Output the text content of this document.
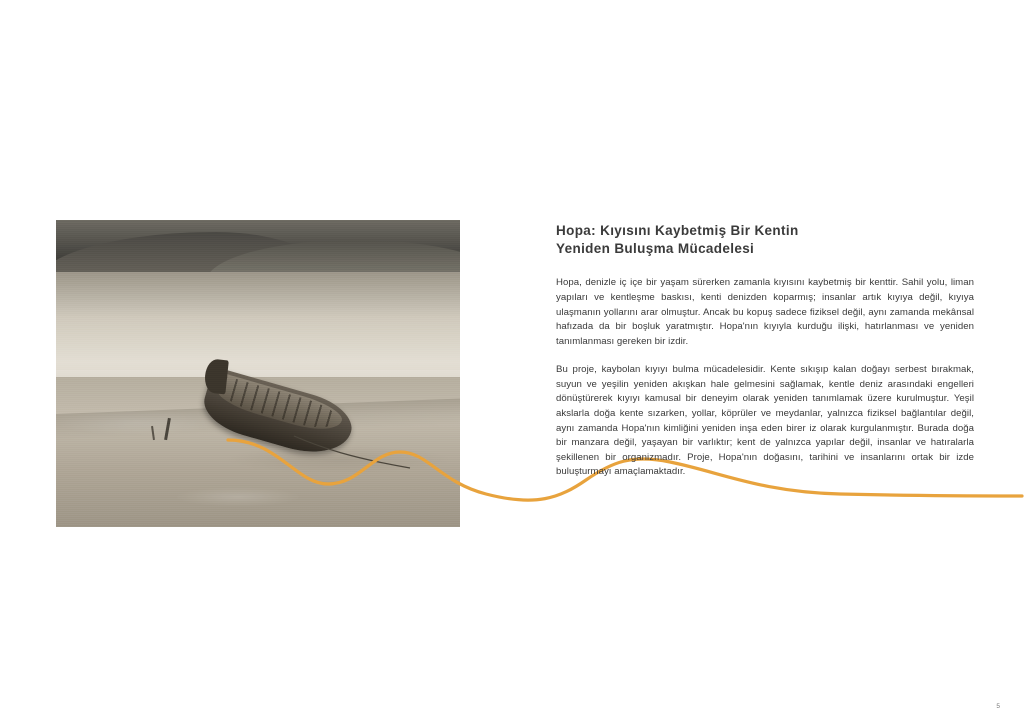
Hopa: Kıyısını Kaybetmiş Bir Kentin
Yeniden Buluşma Mücadelesi

Hopa, denizle iç içe bir yaşam sürerken zamanla kıyısını kaybetmiş bir kenttir. Sahil yolu, liman yapıları ve kentleşme baskısı, kenti denizden koparmış; insanlar artık kıyıya değil, kıyıya ulaşmanın yollarını arar olmuştur. Ancak bu kopuş sadece fiziksel değil, aynı zamanda mekânsal hafızada da bir boşluk yaratmıştır. Hopa'nın kıyıyla kurduğu ilişki, hatırlanması ve yeniden tanımlanması gereken bir izdir.

Bu proje, kaybolan kıyıyı bulma mücadelesidir. Kente sıkışıp kalan doğayı serbest bırakmak, suyun ve yeşilin yeniden akışkan hale gelmesini sağlamak, kentle deniz arasındaki engelleri dönüştürerek kıyıyı kamusal bir deneyim olarak yeniden tanımlamak üzere kurulmuştur. Yeşil akslarla doğa kente sızarken, yollar, köprüler ve meydanlar, yalnızca fiziksel bağlantılar değil, aynı zamanda Hopa'nın kimliğini yeniden inşa eden birer iz olarak kurgulanmıştır. Burada doğa bir manzara değil, yaşayan bir varlıktır; kent de yalnızca yapılar değil, insanlar ve hatıralarla şekillenen bir organizmadır. Proje, Hopa'nın doğasını, tarihini ve insanlarını ortak bir izde buluşturmayı amaçlamaktadır.

5
